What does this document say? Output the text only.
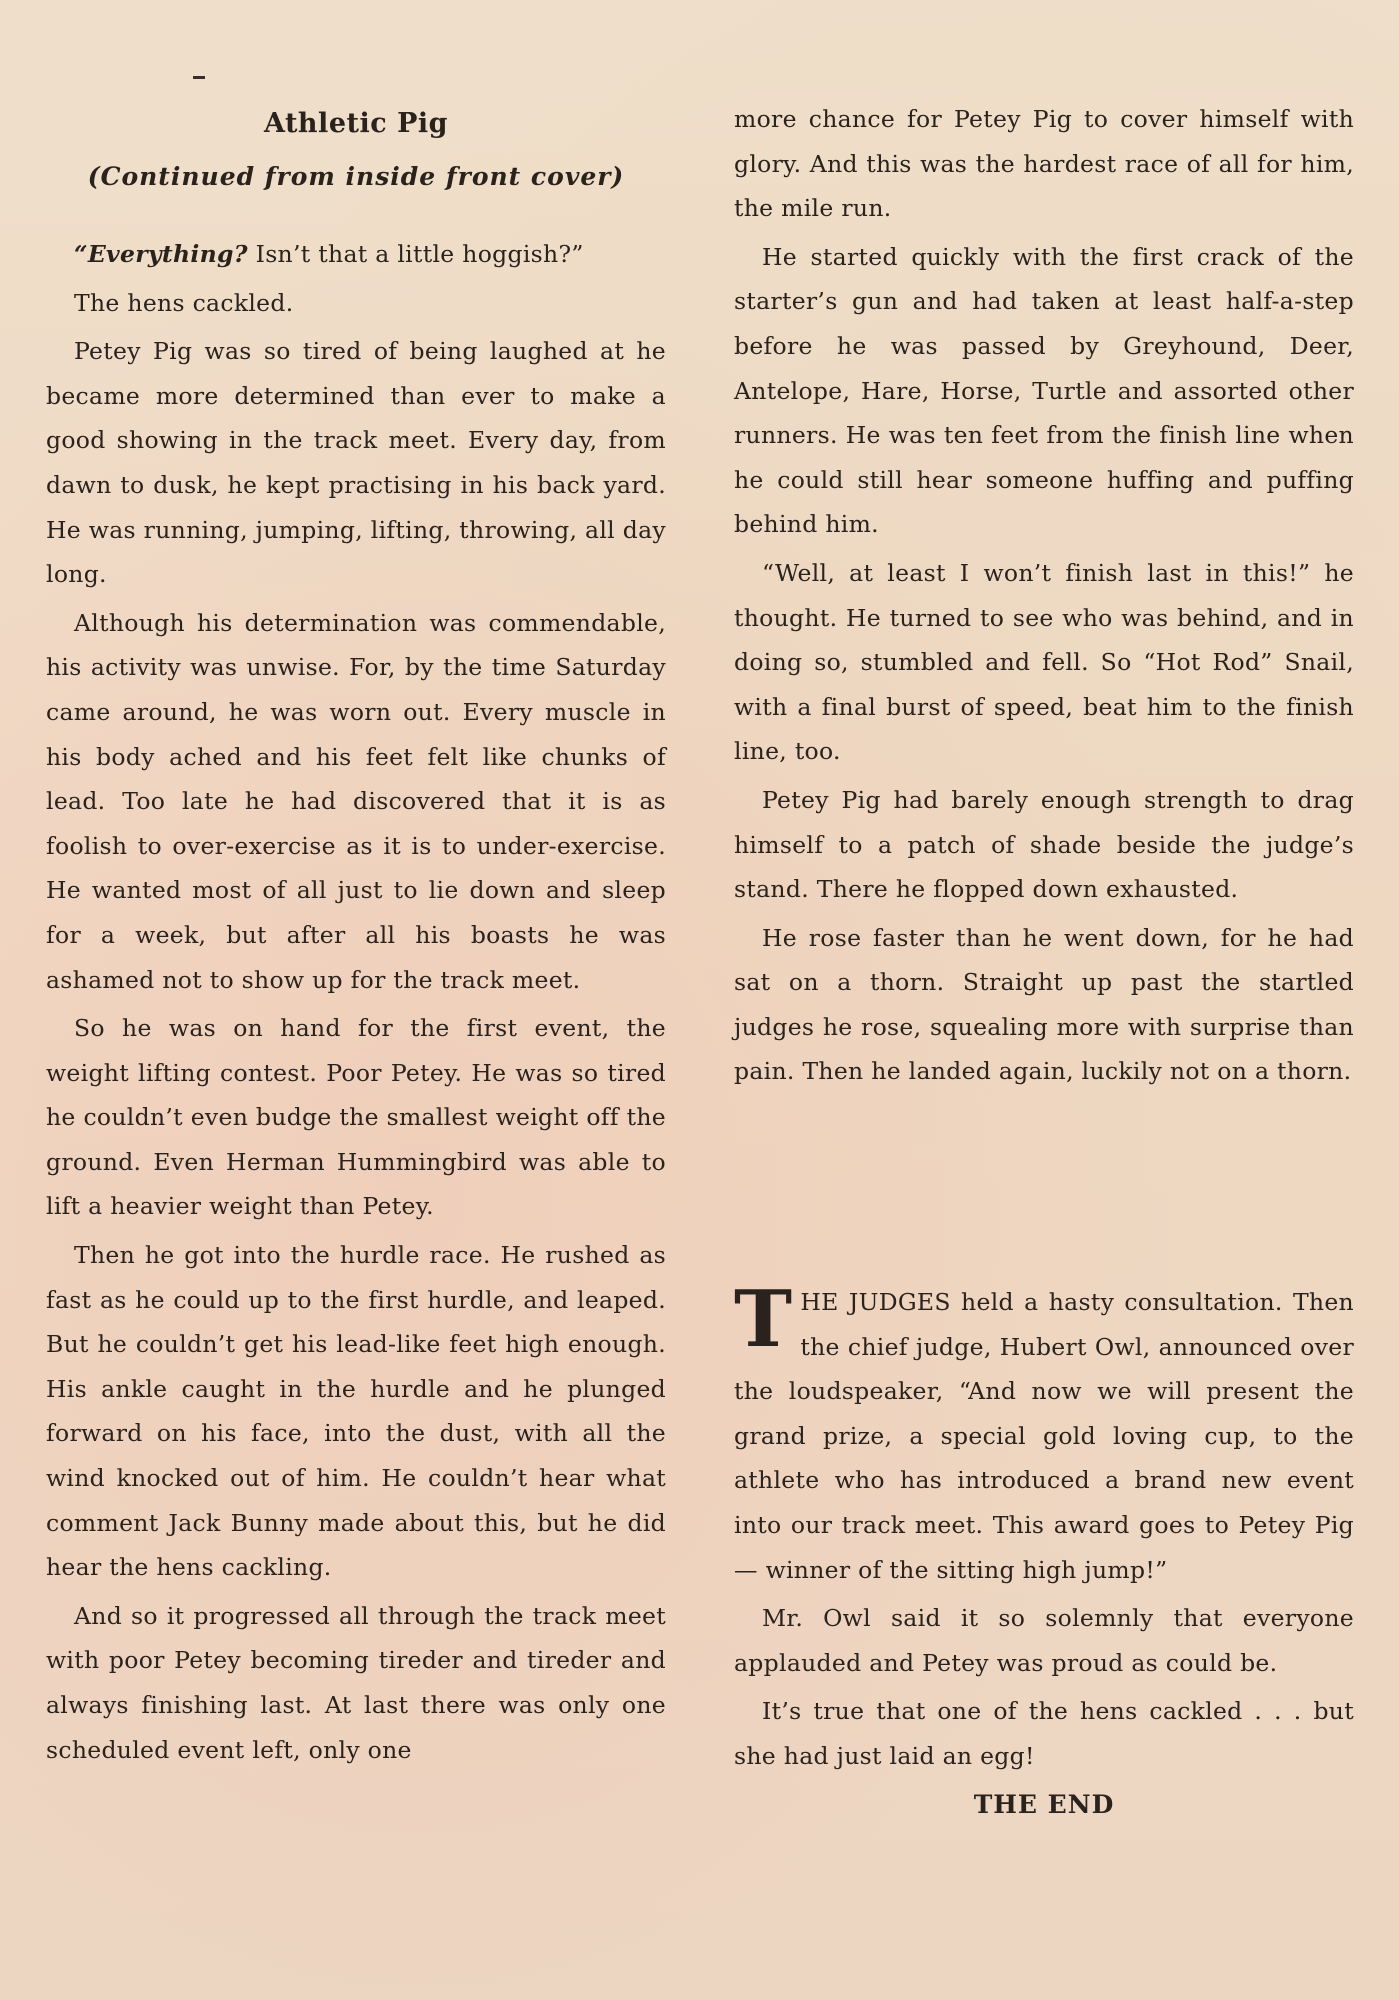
Athletic Pig
(Continued from inside front cover)

“Everything? Isn’t that a little hoggish?”

The hens cackled.

Petey Pig was so tired of being laughed at he became more determined than ever to make a good showing in the track meet. Every day, from dawn to dusk, he kept practising in his back yard. He was running, jumping, lifting, throwing, all day long.

Although his determination was commendable, his activity was unwise. For, by the time Saturday came around, he was worn out. Every muscle in his body ached and his feet felt like chunks of lead. Too late he had discovered that it is as foolish to over-exercise as it is to under-exercise. He wanted most of all just to lie down and sleep for a week, but after all his boasts he was ashamed not to show up for the track meet.

So he was on hand for the first event, the weight lifting contest. Poor Petey. He was so tired he couldn’t even budge the smallest weight off the ground. Even Herman Hummingbird was able to lift a heavier weight than Petey.

Then he got into the hurdle race. He rushed as fast as he could up to the first hurdle, and leaped. But he couldn’t get his lead-like feet high enough. His ankle caught in the hurdle and he plunged forward on his face, into the dust, with all the wind knocked out of him. He couldn’t hear what comment Jack Bunny made about this, but he did hear the hens cackling.

And so it progressed all through the track meet with poor Petey becoming tireder and tireder and always finishing last. At last there was only one scheduled event left, only one

more chance for Petey Pig to cover himself with glory. And this was the hardest race of all for him, the mile run.

He started quickly with the first crack of the starter’s gun and had taken at least half-a-step before he was passed by Greyhound, Deer, Antelope, Hare, Horse, Turtle and assorted other runners. He was ten feet from the finish line when he could still hear someone huffing and puffing behind him.

“Well, at least I won’t finish last in this!” he thought. He turned to see who was behind, and in doing so, stumbled and fell. So “Hot Rod” Snail, with a final burst of speed, beat him to the finish line, too.

Petey Pig had barely enough strength to drag himself to a patch of shade beside the judge’s stand. There he flopped down exhausted.

He rose faster than he went down, for he had sat on a thorn. Straight up past the startled judges he rose, squealing more with surprise than pain. Then he landed again, luckily not on a thorn.

THE JUDGES held a hasty consultation. Then the chief judge, Hubert Owl, announced over the loudspeaker, “And now we will present the grand prize, a special gold loving cup, to the athlete who has introduced a brand new event into our track meet. This award goes to Petey Pig — winner of the sitting high jump!”

Mr. Owl said it so solemnly that everyone applauded and Petey was proud as could be.

It’s true that one of the hens cackled . . . but she had just laid an egg!

THE END
